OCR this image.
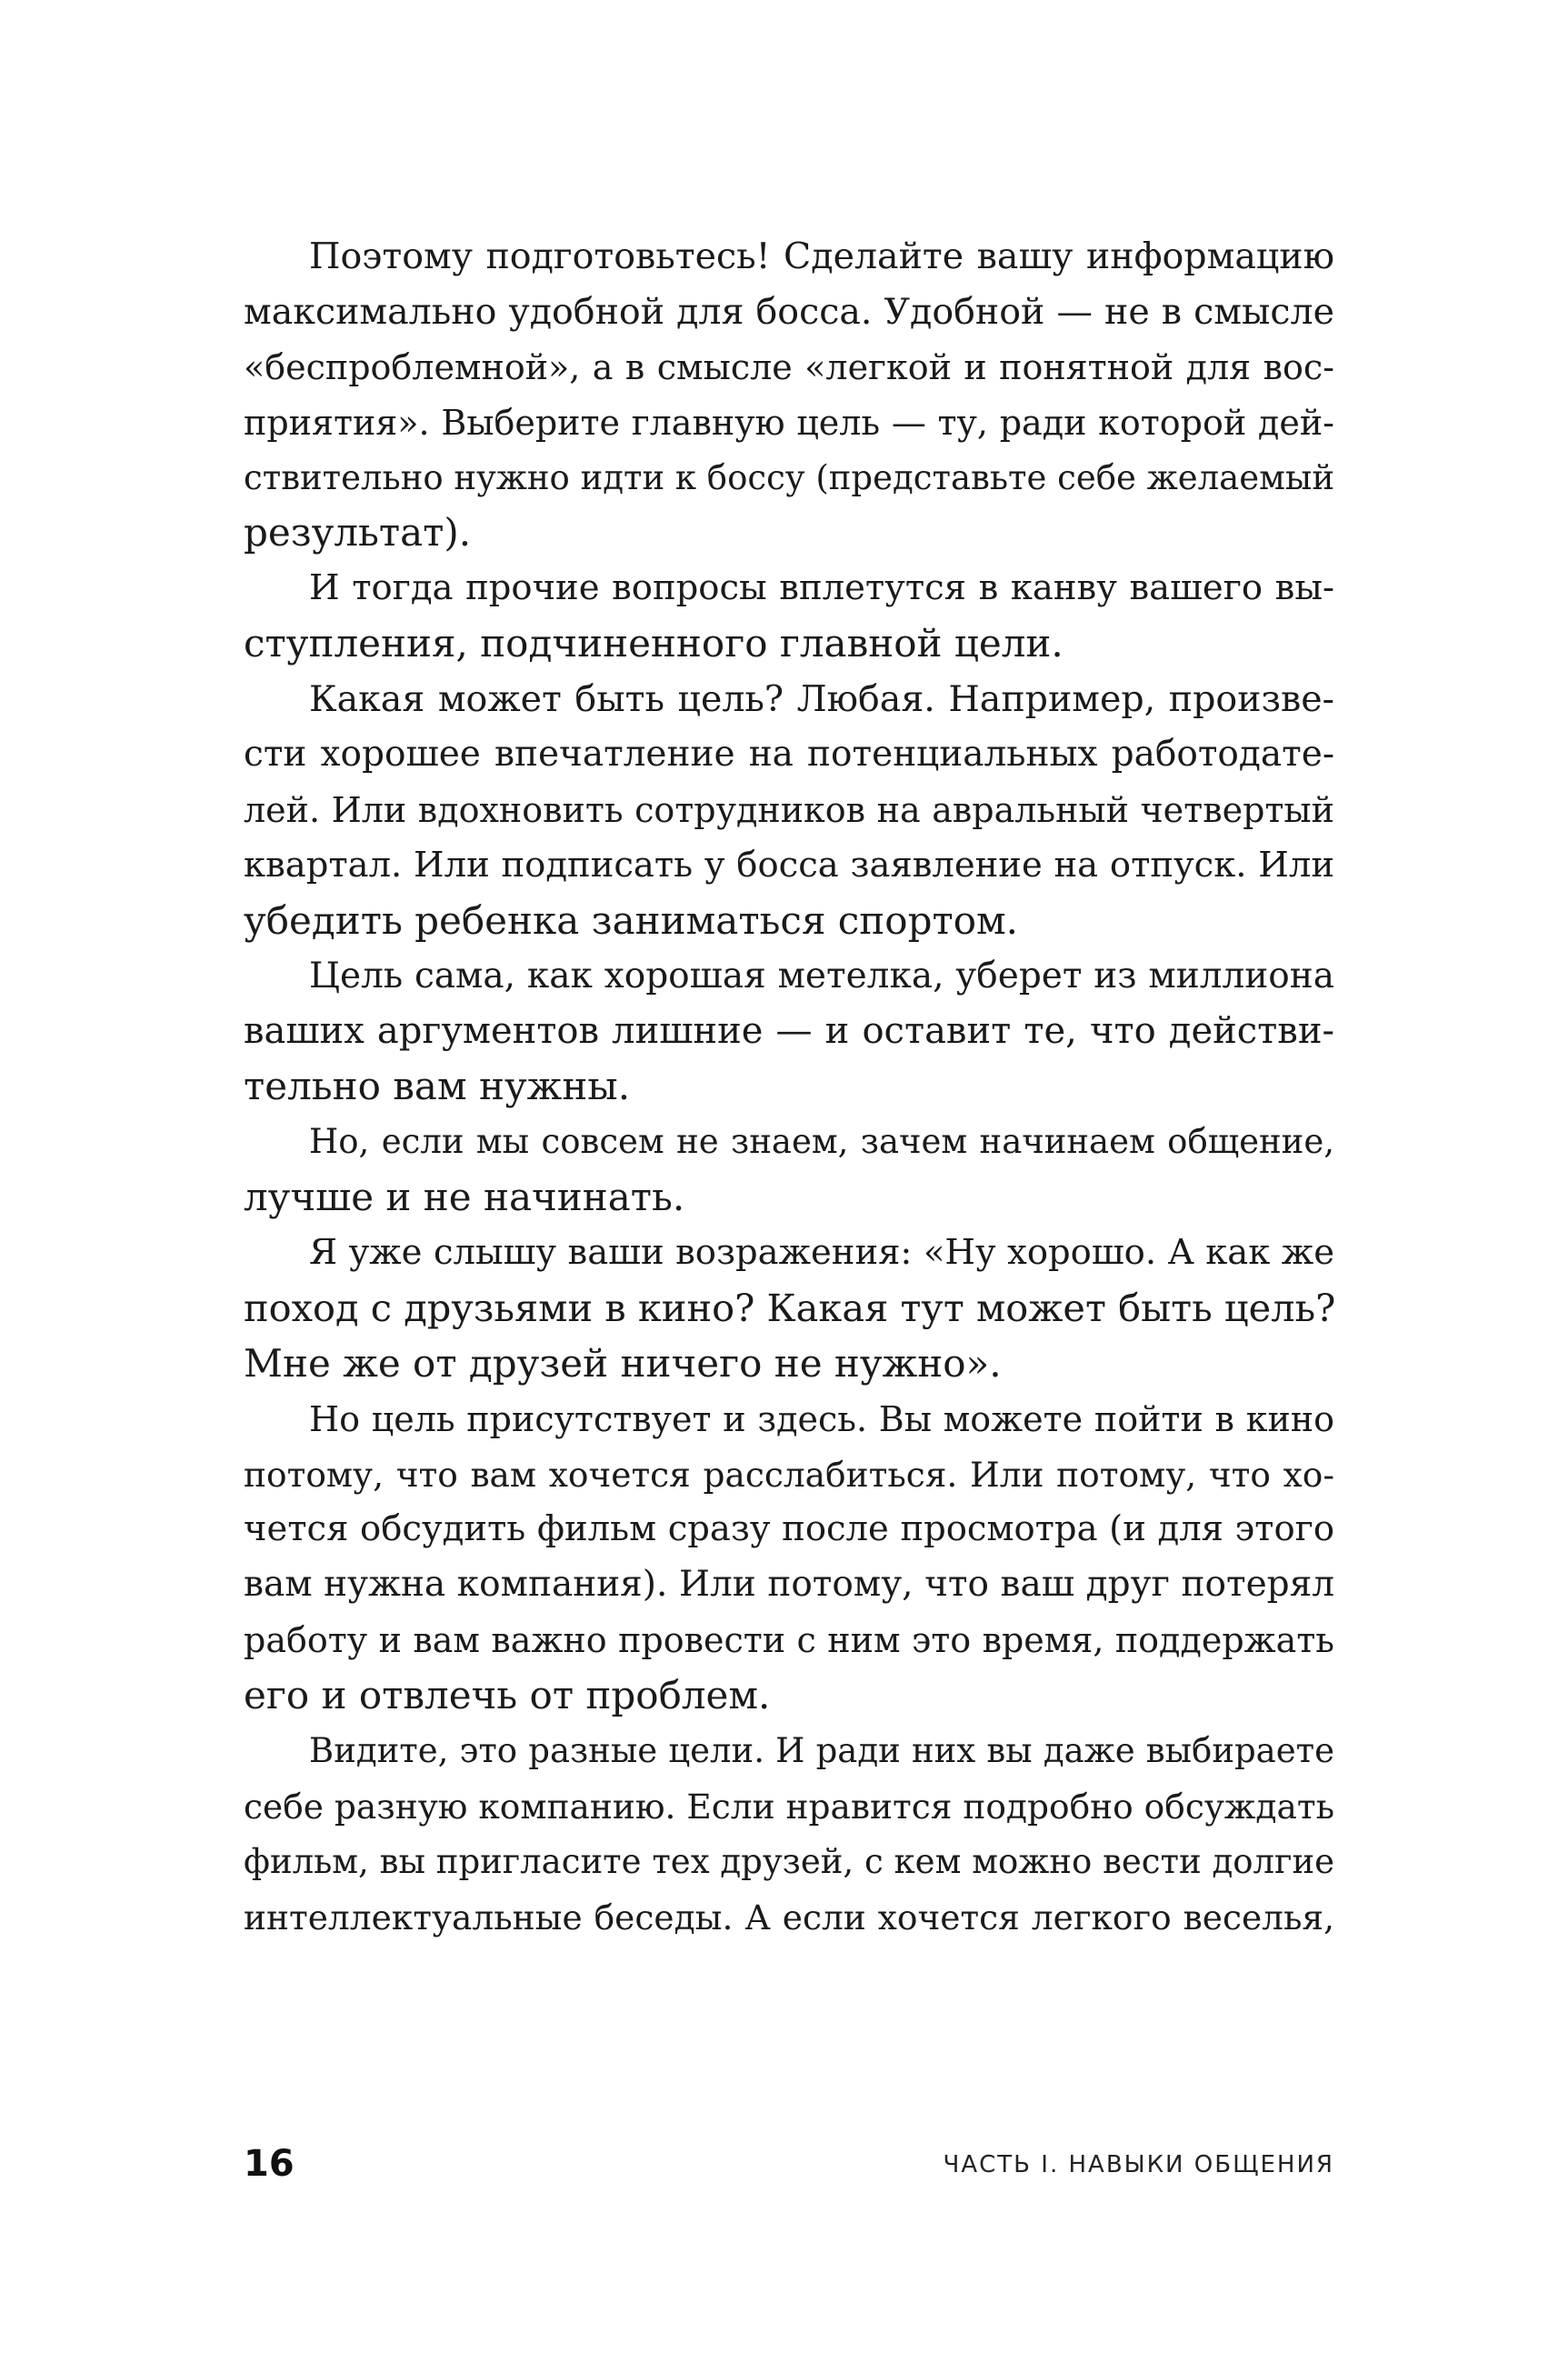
Поэтому подготовьтесь! Сделайте вашу информацию
максимально удобной для босса. Удобной — не в смысле
«беспроблемной», а в смысле «легкой и понятной для вос-
приятия». Выберите главную цель — ту, ради которой дей-
ствительно нужно идти к боссу (представьте себе желаемый
результат).
И тогда прочие вопросы вплетутся в канву вашего вы-
ступления, подчиненного главной цели.
Какая может быть цель? Любая. Например, произве-
сти хорошее впечатление на потенциальных работодате-
лей. Или вдохновить сотрудников на авральный четвертый
квартал. Или подписать у босса заявление на отпуск. Или
убедить ребенка заниматься спортом.
Цель сама, как хорошая метелка, уберет из миллиона
ваших аргументов лишние — и оставит те, что действи-
тельно вам нужны.
Но, если мы совсем не знаем, зачем начинаем общение,
лучше и не начинать.
Я уже слышу ваши возражения: «Ну хорошо. А как же
поход с друзьями в кино? Какая тут может быть цель?
Мне же от друзей ничего не нужно».
Но цель присутствует и здесь. Вы можете пойти в кино
потому, что вам хочется расслабиться. Или потому, что хо-
чется обсудить фильм сразу после просмотра (и для этого
вам нужна компания). Или потому, что ваш друг потерял
работу и вам важно провести с ним это время, поддержать
его и отвлечь от проблем.
Видите, это разные цели. И ради них вы даже выбираете
себе разную компанию. Если нравится подробно обсуждать
фильм, вы пригласите тех друзей, с кем можно вести долгие
интеллектуальные беседы. А если хочется легкого веселья,
16	ЧАСТЬ I. НАВЫКИ ОБЩЕНИЯ
